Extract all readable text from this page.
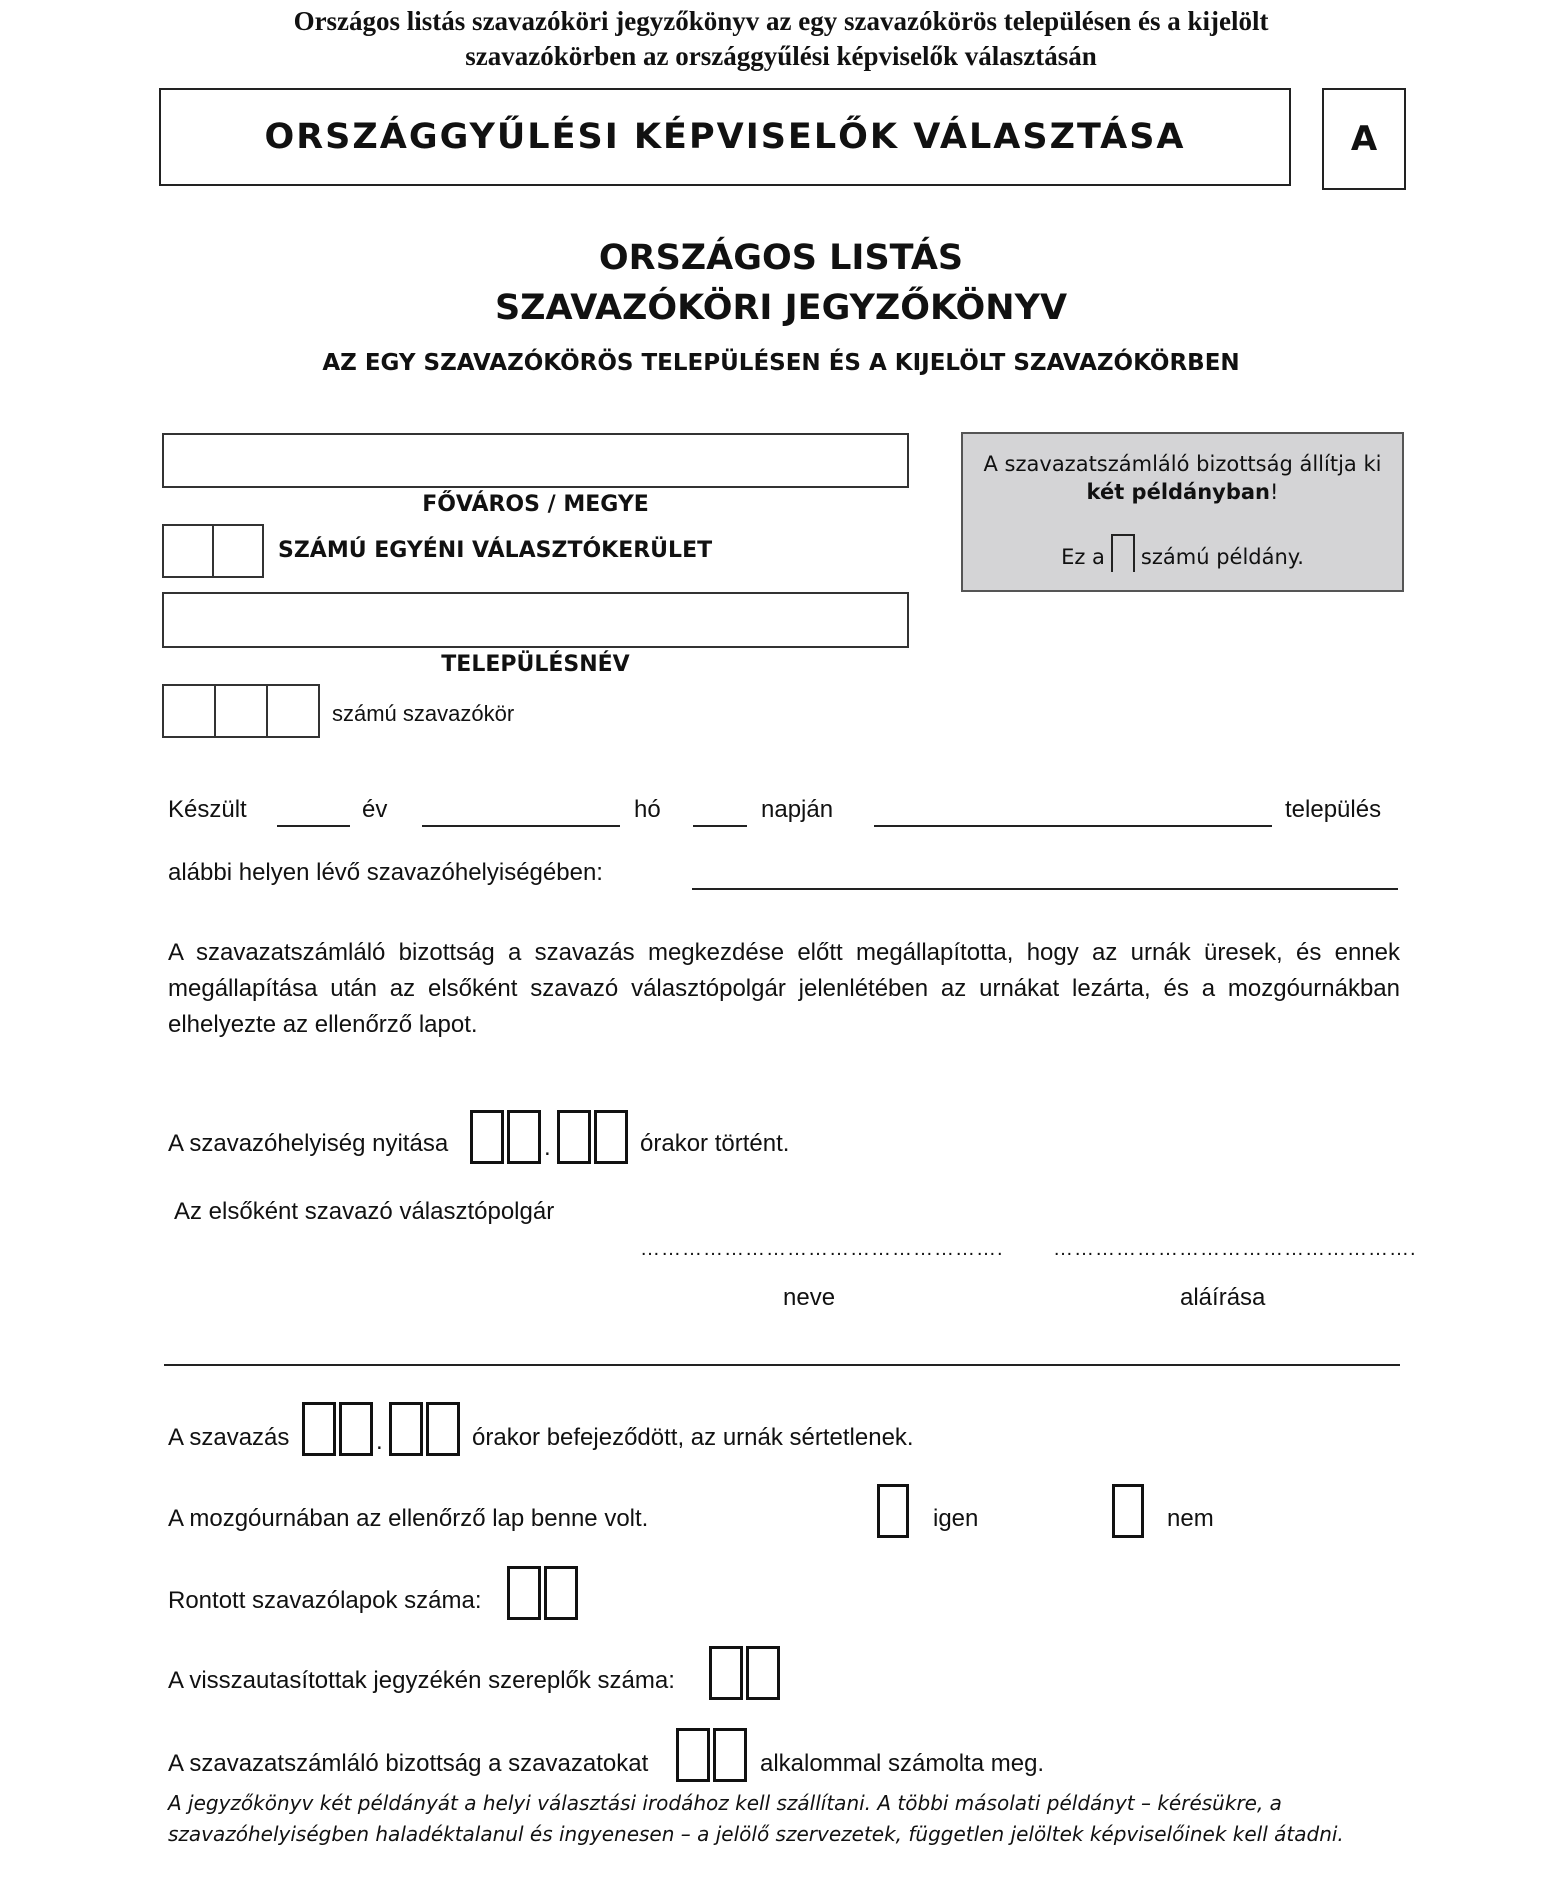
Országos listás szavazóköri jegyzőkönyv az egy szavazókörös településen és a kijelölt
szavazókörben az országgyűlési képviselők választásán
ORSZÁGGYŰLÉSI KÉPVISELŐK VÁLASZTÁSA	A
ORSZÁGOS LISTÁS
SZAVAZÓKÖRI JEGYZŐKÖNYV
AZ EGY SZAVAZÓKÖRÖS TELEPÜLÉSEN ÉS A KIJELÖLT SZAVAZÓKÖRBEN
FŐVÁROS / MEGYE
SZÁMÚ EGYÉNI VÁLASZTÓKERÜLET
TELEPÜLÉSNÉV
számú szavazókör
A szavazatszámláló bizottság állítja ki
két példányban!
Ez a számú példány.
Készült	év	hó	napján	település
alábbi helyen lévő szavazóhelyiségében:
A szavazatszámláló bizottság a szavazás megkezdése előtt megállapította, hogy az urnák üresek, és ennek megállapítása után az elsőként szavazó választópolgár jelenlétében az urnákat lezárta, és a mozgóurnákban elhelyezte az ellenőrző lapot.
A szavazóhelyiség nyitása	.	órakor történt.
Az elsőként szavazó választópolgár
……………………………………………. …………………………………………….
neve	aláírása
A szavazás	.	órakor befejeződött, az urnák sértetlenek.
A mozgóurnában az ellenőrző lap benne volt.	igen	nem
Rontott szavazólapok száma:
A visszautasítottak jegyzékén szereplők száma:
A szavazatszámláló bizottság a szavazatokat	alkalommal számolta meg.
A jegyzőkönyv két példányát a helyi választási irodához kell szállítani. A többi másolati példányt – kérésükre, a
szavazóhelyiségben haladéktalanul és ingyenesen – a jelölő szervezetek, független jelöltek képviselőinek kell átadni.
